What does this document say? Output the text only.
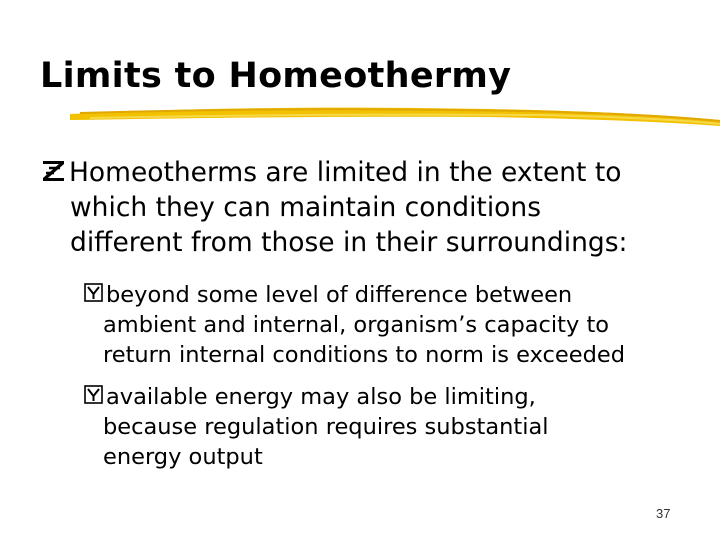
Limits to Homeothermy
Homeotherms are limited in the extent to
which they can maintain conditions
different from those in their surroundings:
beyond some level of difference between
ambient and internal, organism’s capacity to
return internal conditions to norm is exceeded
available energy may also be limiting,
because regulation requires substantial
energy output
37
